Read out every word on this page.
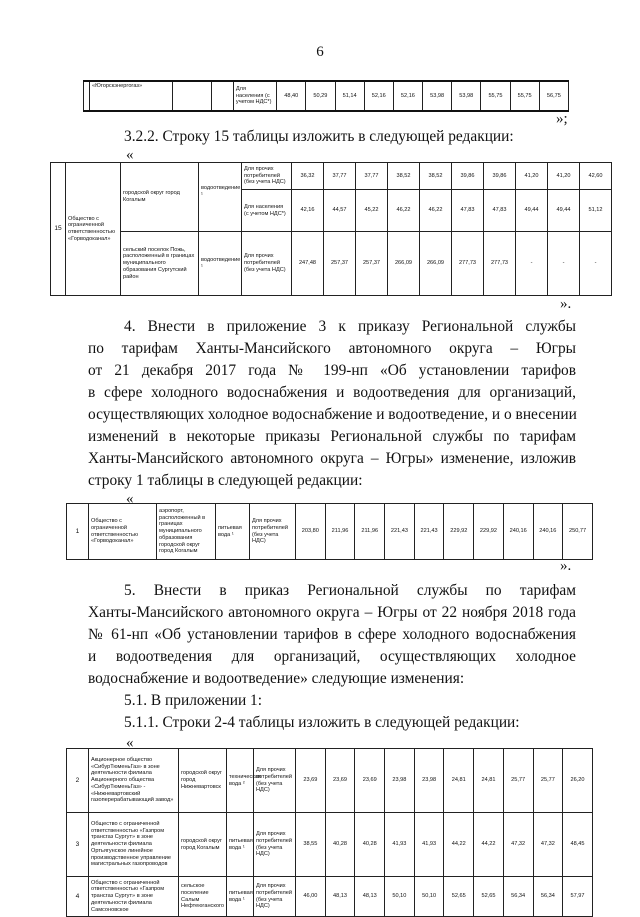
6
	«Югорскэнергогаз»			Для населения (с учетом НДС*)	48,40	50,29	51,14	52,16	52,16	53,98	53,98	55,75	55,75	56,75
»;
3.2.2. Строку 15 таблицы изложить в следующей редакции:
«
15	Общество с ограниченной ответственностью «Горводоканал»	городской округ город Когалым	водоотведение ¹	Для прочих потребителей (без учета НДС)	36,32	37,77	37,77	38,52	38,52	39,86	39,86	41,20	41,20	42,60
				Для населения (с учетом НДС*)	42,16	44,57	45,22	46,22	46,22	47,83	47,83	49,44	49,44	51,12
		сельский поселок Пожь, расположенный в границах муниципального образования Сургутский район	водоотведение ¹	Для прочих потребителей (без учета НДС)	247,48	257,37	257,37	266,09	266,09	277,73	277,73	-	-	-
».
4. Внести в приложение 3 к приказу Региональной службы
по тарифам Ханты-Мансийского автономного округа – Югры
от 21 декабря 2017 года № 199-нп «Об установлении тарифов
в сфере холодного водоснабжения и водоотведения для организаций,
осуществляющих холодное водоснабжение и водоотведение, и о внесении
изменений в некоторые приказы Региональной службы по тарифам
Ханты-Мансийского автономного округа – Югры» изменение, изложив
строку 1 таблицы в следующей редакции:
«
1	Общество с ограниченной ответственностью «Горводоканал»	аэропорт, расположенный в границах муниципального образования городской округ город Когалым	питьевая вода ¹	Для прочих потребителей (без учета НДС)	203,80	211,96	211,96	221,43	221,43	229,92	229,92	240,16	240,16	250,77
».
5. Внести в приказ Региональной службы по тарифам
Ханты-Мансийского автономного округа – Югры от 22 ноября 2018 года
№ 61-нп «Об установлении тарифов в сфере холодного водоснабжения
и водоотведения для организаций, осуществляющих холодное
водоснабжение и водоотведение» следующие изменения:
5.1. В приложении 1:
5.1.1. Строки 2-4 таблицы изложить в следующей редакции:
«
2	Акционерное общество «СибурТюменьГаз» в зоне деятельности филиала Акционерного общества «СибурТюменьГаз» - «Нижневартовский газоперерабатывающий завод»	городской округ город Нижневартовск	техническая вода ²	Для прочих потребителей (без учета НДС)	23,69	23,69	23,69	23,98	23,98	24,81	24,81	25,77	25,77	26,20
3	Общество с ограниченной ответственностью «Газпром трансгаз Сургут» в зоне деятельности филиала Ортьягунское линейное производственное управление магистральных газопроводов	городской округ город Когалым	питьевая вода ¹	Для прочих потребителей (без учета НДС)	38,55	40,28	40,28	41,93	41,93	44,22	44,22	47,32	47,32	48,45
4	Общество с ограниченной ответственностью «Газпром трансгаз Сургут» в зоне деятельности филиала Самсоновское	сельское поселение Салым Нефтеюганского	питьевая вода ¹	Для прочих потребителей (без учета НДС)	46,00	48,13	48,13	50,10	50,10	52,65	52,65	56,34	56,34	57,97
